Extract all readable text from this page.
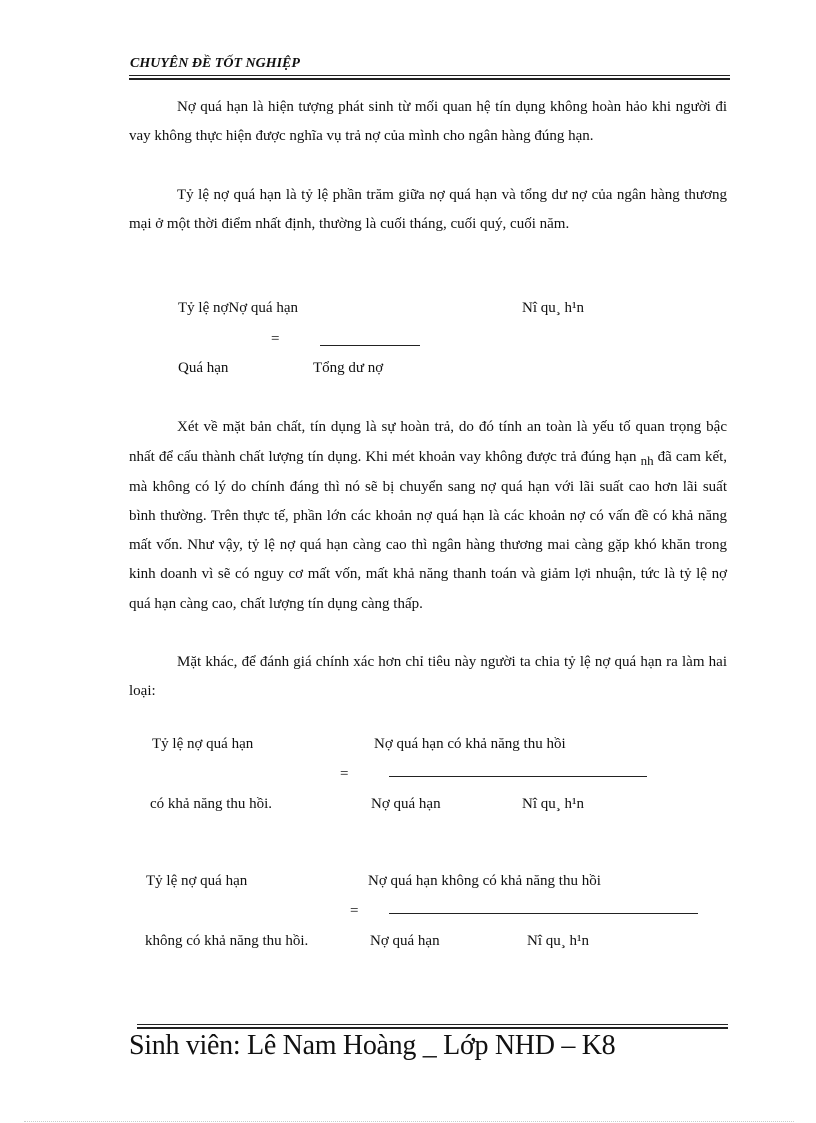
CHUYÊN ĐỀ TỐT NGHIỆP

Nợ quá hạn là hiện tượng phát sinh từ mối quan hệ tín dụng không hoàn hảo khi người đi vay không thực hiện được nghĩa vụ trả nợ của mình cho ngân hàng đúng hạn.

Tỷ lệ nợ quá hạn là tỷ lệ phần trăm giữa nợ quá hạn và tổng dư nợ của ngân hàng thương mại ở một thời điểm nhất định, thường là cuối tháng, cuối quý, cuối năm.

Tỷ lệ nợNợ quá hạn	Nî qu¸ h¹n
=
Quá hạn	Tổng dư nợ

Xét về mặt bản chất, tín dụng là sự hoàn trả, do đó tính an toàn là yếu tố quan trọng bậc nhất để cấu thành chất lượng tín dụng. Khi mét khoản vay không được trả đúng hạn nh đã cam kết, mà không có lý do chính đáng thì nó sẽ bị chuyển sang nợ quá hạn với lãi suất cao hơn lãi suất bình thường. Trên thực tế, phần lớn các khoản nợ quá hạn là các khoản nợ có vấn đề có khả năng mất vốn. Như vậy, tỷ lệ nợ quá hạn càng cao thì ngân hàng thương mai càng gặp khó khăn trong kinh doanh vì sẽ có nguy cơ mất vốn, mất khả năng thanh toán và giảm lợi nhuận, tức là tỷ lệ nợ quá hạn càng cao, chất lượng tín dụng càng thấp.

Mặt khác, để đánh giá chính xác hơn chỉ tiêu này người ta chia tỷ lệ nợ quá hạn ra làm hai loại:

Tỷ lệ nợ quá hạn	Nợ quá hạn có khả năng thu hồi
=
có khả năng thu hồi.	Nợ quá hạn	Nî qu¸ h¹n
Tỷ lệ nợ quá hạn	Nợ quá hạn không có khả năng thu hồi
=
không có khả năng thu hồi.	Nợ quá hạn	Nî qu¸ h¹n
Sinh viên: Lê Nam Hoàng _ Lớp NHD – K8
